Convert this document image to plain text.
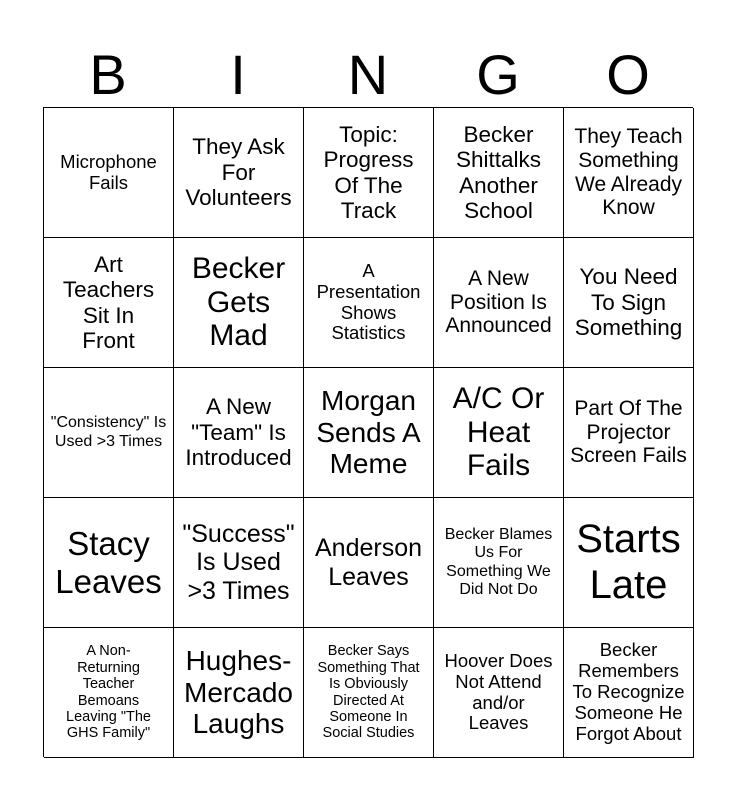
B	I	N	G	O
Microphone Fails
They Ask For Volunteers
Topic: Progress Of The Track
Becker Shittalks Another School
They Teach Something We Already Know
Art Teachers Sit In Front
Becker Gets Mad
A Presentation Shows Statistics
A New Position Is Announced
You Need To Sign Something
"Consistency" Is Used >3 Times
A New "Team" Is Introduced
Morgan Sends A Meme
A/C Or Heat Fails
Part Of The Projector Screen Fails
Stacy Leaves
"Success" Is Used >3 Times
Anderson Leaves
Becker Blames Us For Something We Did Not Do
Starts Late
A Non-Returning Teacher Bemoans Leaving "The GHS Family"
Hughes-Mercado Laughs
Becker Says Something That Is Obviously Directed At Someone In Social Studies
Hoover Does Not Attend and/or Leaves
Becker Remembers To Recognize Someone He Forgot About
